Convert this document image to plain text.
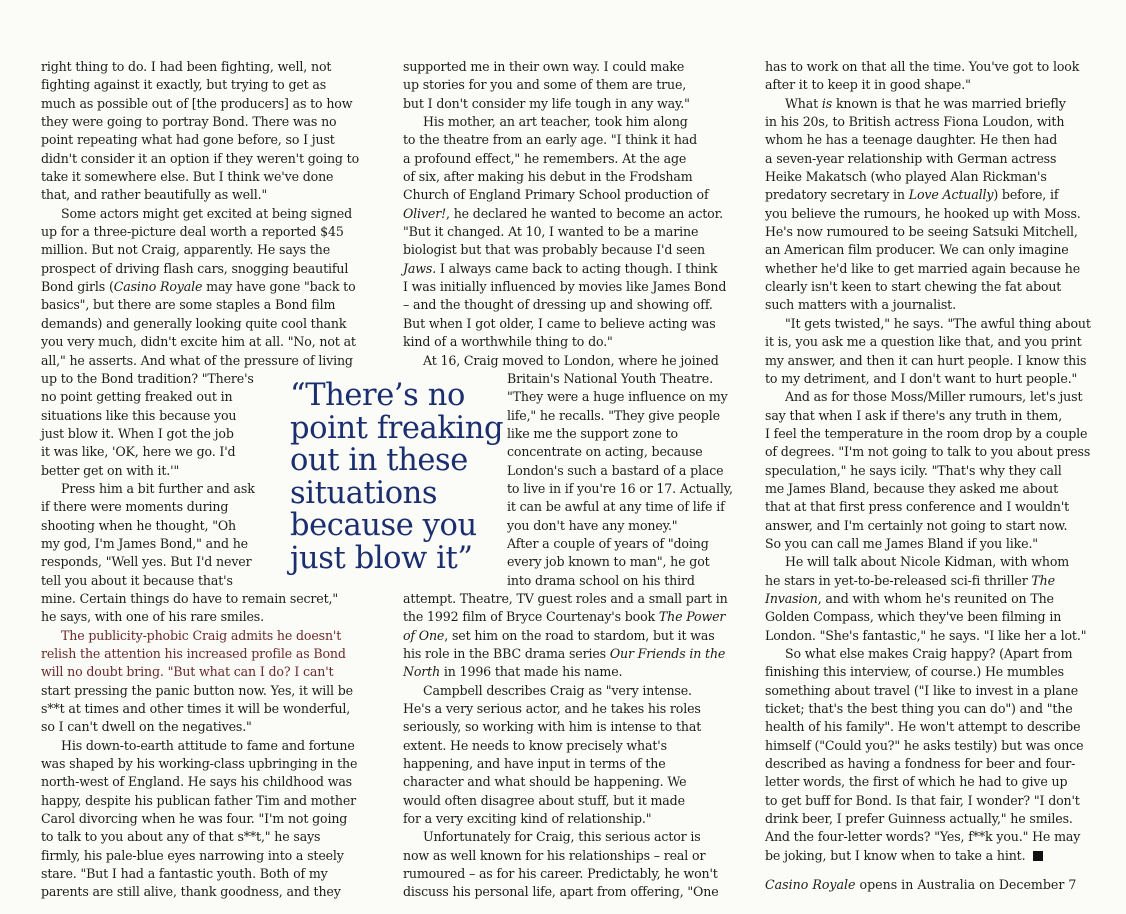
right thing to do. I had been fighting, well, not
fighting against it exactly, but trying to get as
much as possible out of [the producers] as to how
they were going to portray Bond. There was no
point repeating what had gone before, so I just
didn't consider it an option if they weren't going to
take it somewhere else. But I think we've done
that, and rather beautifully as well."
Some actors might get excited at being signed
up for a three-picture deal worth a reported $45
million. But not Craig, apparently. He says the
prospect of driving flash cars, snogging beautiful
Bond girls (Casino Royale may have gone "back to
basics", but there are some staples a Bond film
demands) and generally looking quite cool thank
you very much, didn't excite him at all. "No, not at
all," he asserts. And what of the pressure of living
up to the Bond tradition? "There's
no point getting freaked out in
situations like this because you
just blow it. When I got the job
it was like, 'OK, here we go. I'd
better get on with it.'"
Press him a bit further and ask
if there were moments during
shooting when he thought, "Oh
my god, I'm James Bond," and he
responds, "Well yes. But I'd never
tell you about it because that's
mine. Certain things do have to remain secret,"
he says, with one of his rare smiles.
The publicity-phobic Craig admits he doesn't
relish the attention his increased profile as Bond
will no doubt bring. "But what can I do? I can't
start pressing the panic button now. Yes, it will be
s**t at times and other times it will be wonderful,
so I can't dwell on the negatives."
His down-to-earth attitude to fame and fortune
was shaped by his working-class upbringing in the
north-west of England. He says his childhood was
happy, despite his publican father Tim and mother
Carol divorcing when he was four. "I'm not going
to talk to you about any of that s**t," he says
firmly, his pale-blue eyes narrowing into a steely
stare. "But I had a fantastic youth. Both of my
parents are still alive, thank goodness, and they
supported me in their own way. I could make
up stories for you and some of them are true,
but I don't consider my life tough in any way."
His mother, an art teacher, took him along
to the theatre from an early age. "I think it had
a profound effect," he remembers. At the age
of six, after making his debut in the Frodsham
Church of England Primary School production of
Oliver!, he declared he wanted to become an actor.
"But it changed. At 10, I wanted to be a marine
biologist but that was probably because I'd seen
Jaws. I always came back to acting though. I think
I was initially influenced by movies like James Bond
– and the thought of dressing up and showing off.
But when I got older, I came to believe acting was
kind of a worthwhile thing to do."
At 16, Craig moved to London, where he joined
Britain's National Youth Theatre.
"They were a huge influence on my
life," he recalls. "They give people
like me the support zone to
concentrate on acting, because
London's such a bastard of a place
to live in if you're 16 or 17. Actually,
it can be awful at any time of life if
you don't have any money."
After a couple of years of "doing
every job known to man", he got
into drama school on his third
attempt. Theatre, TV guest roles and a small part in
the 1992 film of Bryce Courtenay's book The Power
of One, set him on the road to stardom, but it was
his role in the BBC drama series Our Friends in the
North in 1996 that made his name.
Campbell describes Craig as "very intense.
He's a very serious actor, and he takes his roles
seriously, so working with him is intense to that
extent. He needs to know precisely what's
happening, and have input in terms of the
character and what should be happening. We
would often disagree about stuff, but it made
for a very exciting kind of relationship."
Unfortunately for Craig, this serious actor is
now as well known for his relationships – real or
rumoured – as for his career. Predictably, he won't
discuss his personal life, apart from offering, "One
has to work on that all the time. You've got to look
after it to keep it in good shape."
What is known is that he was married briefly
in his 20s, to British actress Fiona Loudon, with
whom he has a teenage daughter. He then had
a seven-year relationship with German actress
Heike Makatsch (who played Alan Rickman's
predatory secretary in Love Actually) before, if
you believe the rumours, he hooked up with Moss.
He's now rumoured to be seeing Satsuki Mitchell,
an American film producer. We can only imagine
whether he'd like to get married again because he
clearly isn't keen to start chewing the fat about
such matters with a journalist.
"It gets twisted," he says. "The awful thing about
it is, you ask me a question like that, and you print
my answer, and then it can hurt people. I know this
to my detriment, and I don't want to hurt people."
And as for those Moss/Miller rumours, let's just
say that when I ask if there's any truth in them,
I feel the temperature in the room drop by a couple
of degrees. "I'm not going to talk to you about press
speculation," he says icily. "That's why they call
me James Bland, because they asked me about
that at that first press conference and I wouldn't
answer, and I'm certainly not going to start now.
So you can call me James Bland if you like."
He will talk about Nicole Kidman, with whom
he stars in yet-to-be-released sci-fi thriller The
Invasion, and with whom he's reunited on The
Golden Compass, which they've been filming in
London. "She's fantastic," he says. "I like her a lot."
So what else makes Craig happy? (Apart from
finishing this interview, of course.) He mumbles
something about travel ("I like to invest in a plane
ticket; that's the best thing you can do") and "the
health of his family". He won't attempt to describe
himself ("Could you?" he asks testily) but was once
described as having a fondness for beer and four-
letter words, the first of which he had to give up
to get buff for Bond. Is that fair, I wonder? "I don't
drink beer, I prefer Guinness actually," he smiles.
And the four-letter words? "Yes, f**k you." He may
be joking, but I know when to take a hint.
“There’s no
point freaking
out in these
situations
because you
just blow it”
Casino Royale opens in Australia on December 7
